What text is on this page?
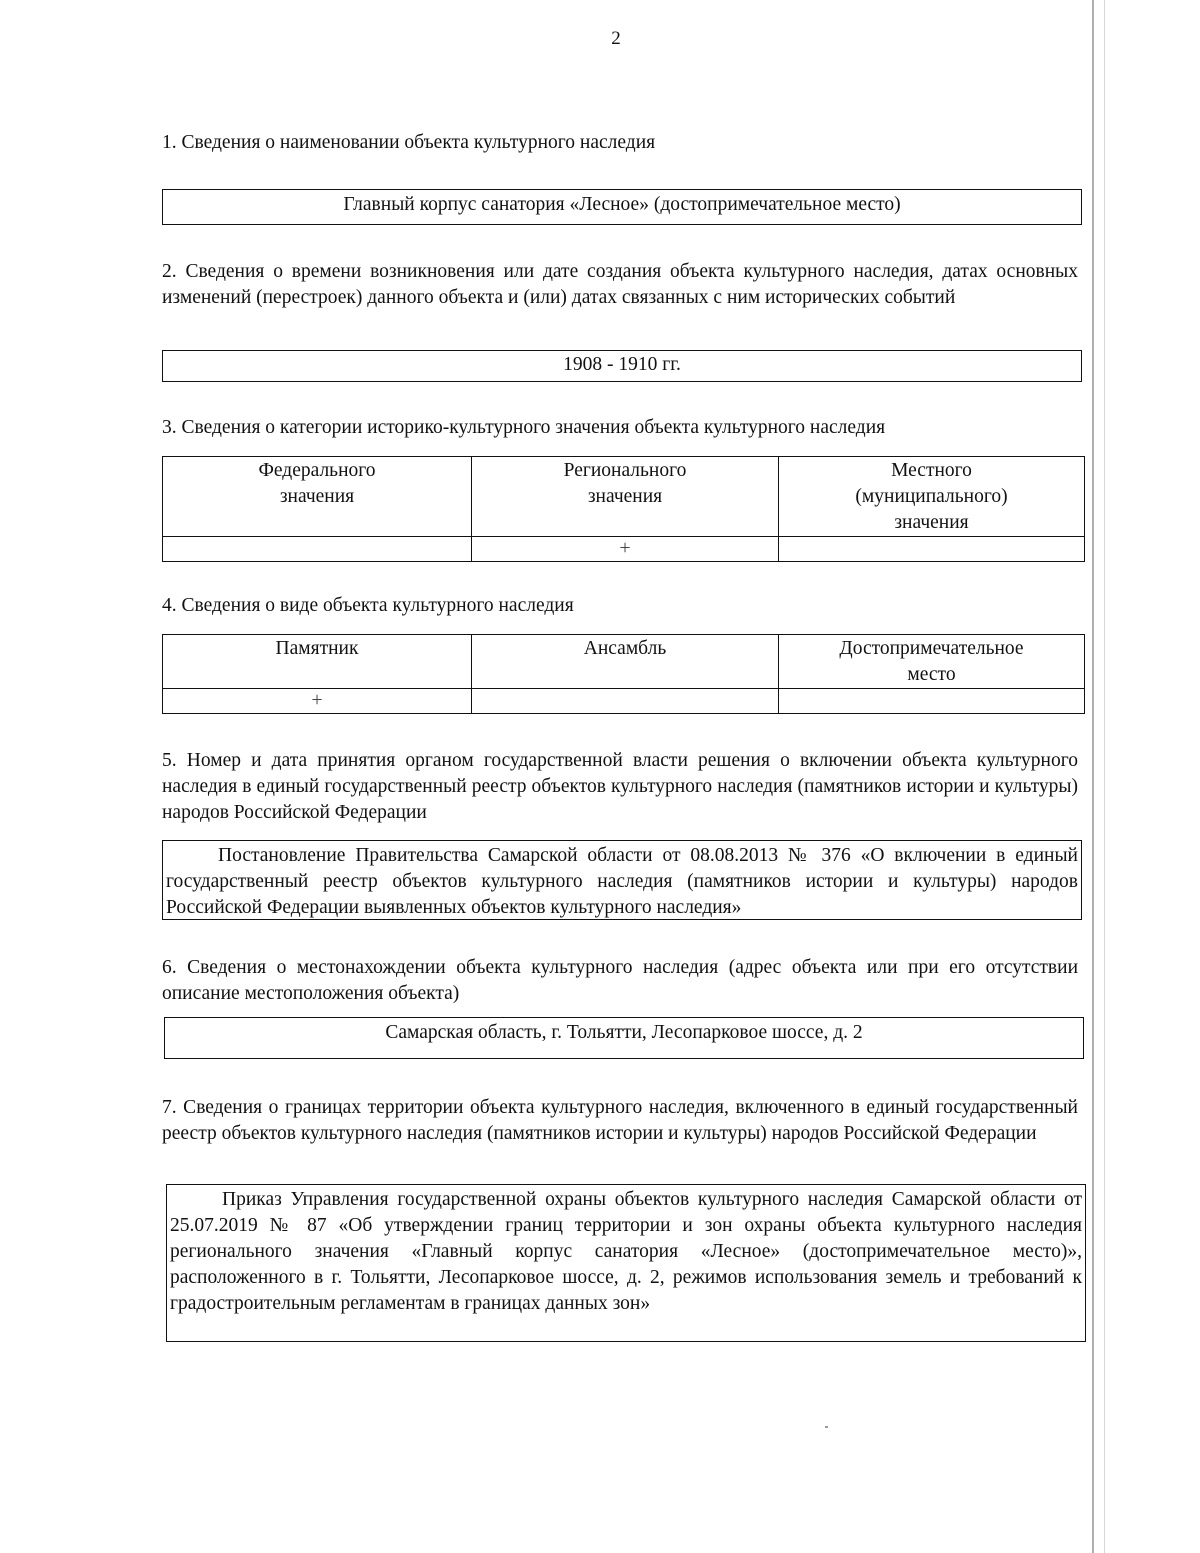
2

1. Сведения о наименовании объекта культурного наследия

Главный корпус санатория «Лесное» (достопримечательное место)

2. Сведения о времени возникновения или дате создания объекта культурного наследия, датах основных изменений (перестроек) данного объекта и (или) датах связанных с ним исторических событий

1908 - 1910 гг.

3. Сведения о категории историко-культурного значения объекта культурного наследия

Федерального значения	Регионального значения	Местного (муниципального) значения

	+	

4. Сведения о виде объекта культурного наследия

Памятник	Ансамбль	Достопримечательное место

+		

5. Номер и дата принятия органом государственной власти решения о включении объекта культурного наследия в единый государственный реестр объектов культурного наследия (памятников истории и культуры) народов Российской Федерации

Постановление Правительства Самарской области от 08.08.2013 № 376 «О включении в единый государственный реестр объектов культурного наследия (памятников истории и культуры) народов Российской Федерации выявленных объектов культурного наследия»

6. Сведения о местонахождении объекта культурного наследия (адрес объекта или при его отсутствии описание местоположения объекта)

Самарская область, г. Тольятти, Лесопарковое шоссе, д. 2

7. Сведения о границах территории объекта культурного наследия, включенного в единый государственный реестр объектов культурного наследия (памятников истории и культуры) народов Российской Федерации

Приказ Управления государственной охраны объектов культурного наследия Самарской области от 25.07.2019 № 87 «Об утверждении границ территории и зон охраны объекта культурного наследия регионального значения «Главный корпус санатория «Лесное» (достопримечательное место)», расположенного в г. Тольятти, Лесопарковое шоссе, д. 2, режимов использования земель и требований к градостроительным регламентам в границах данных зон»
